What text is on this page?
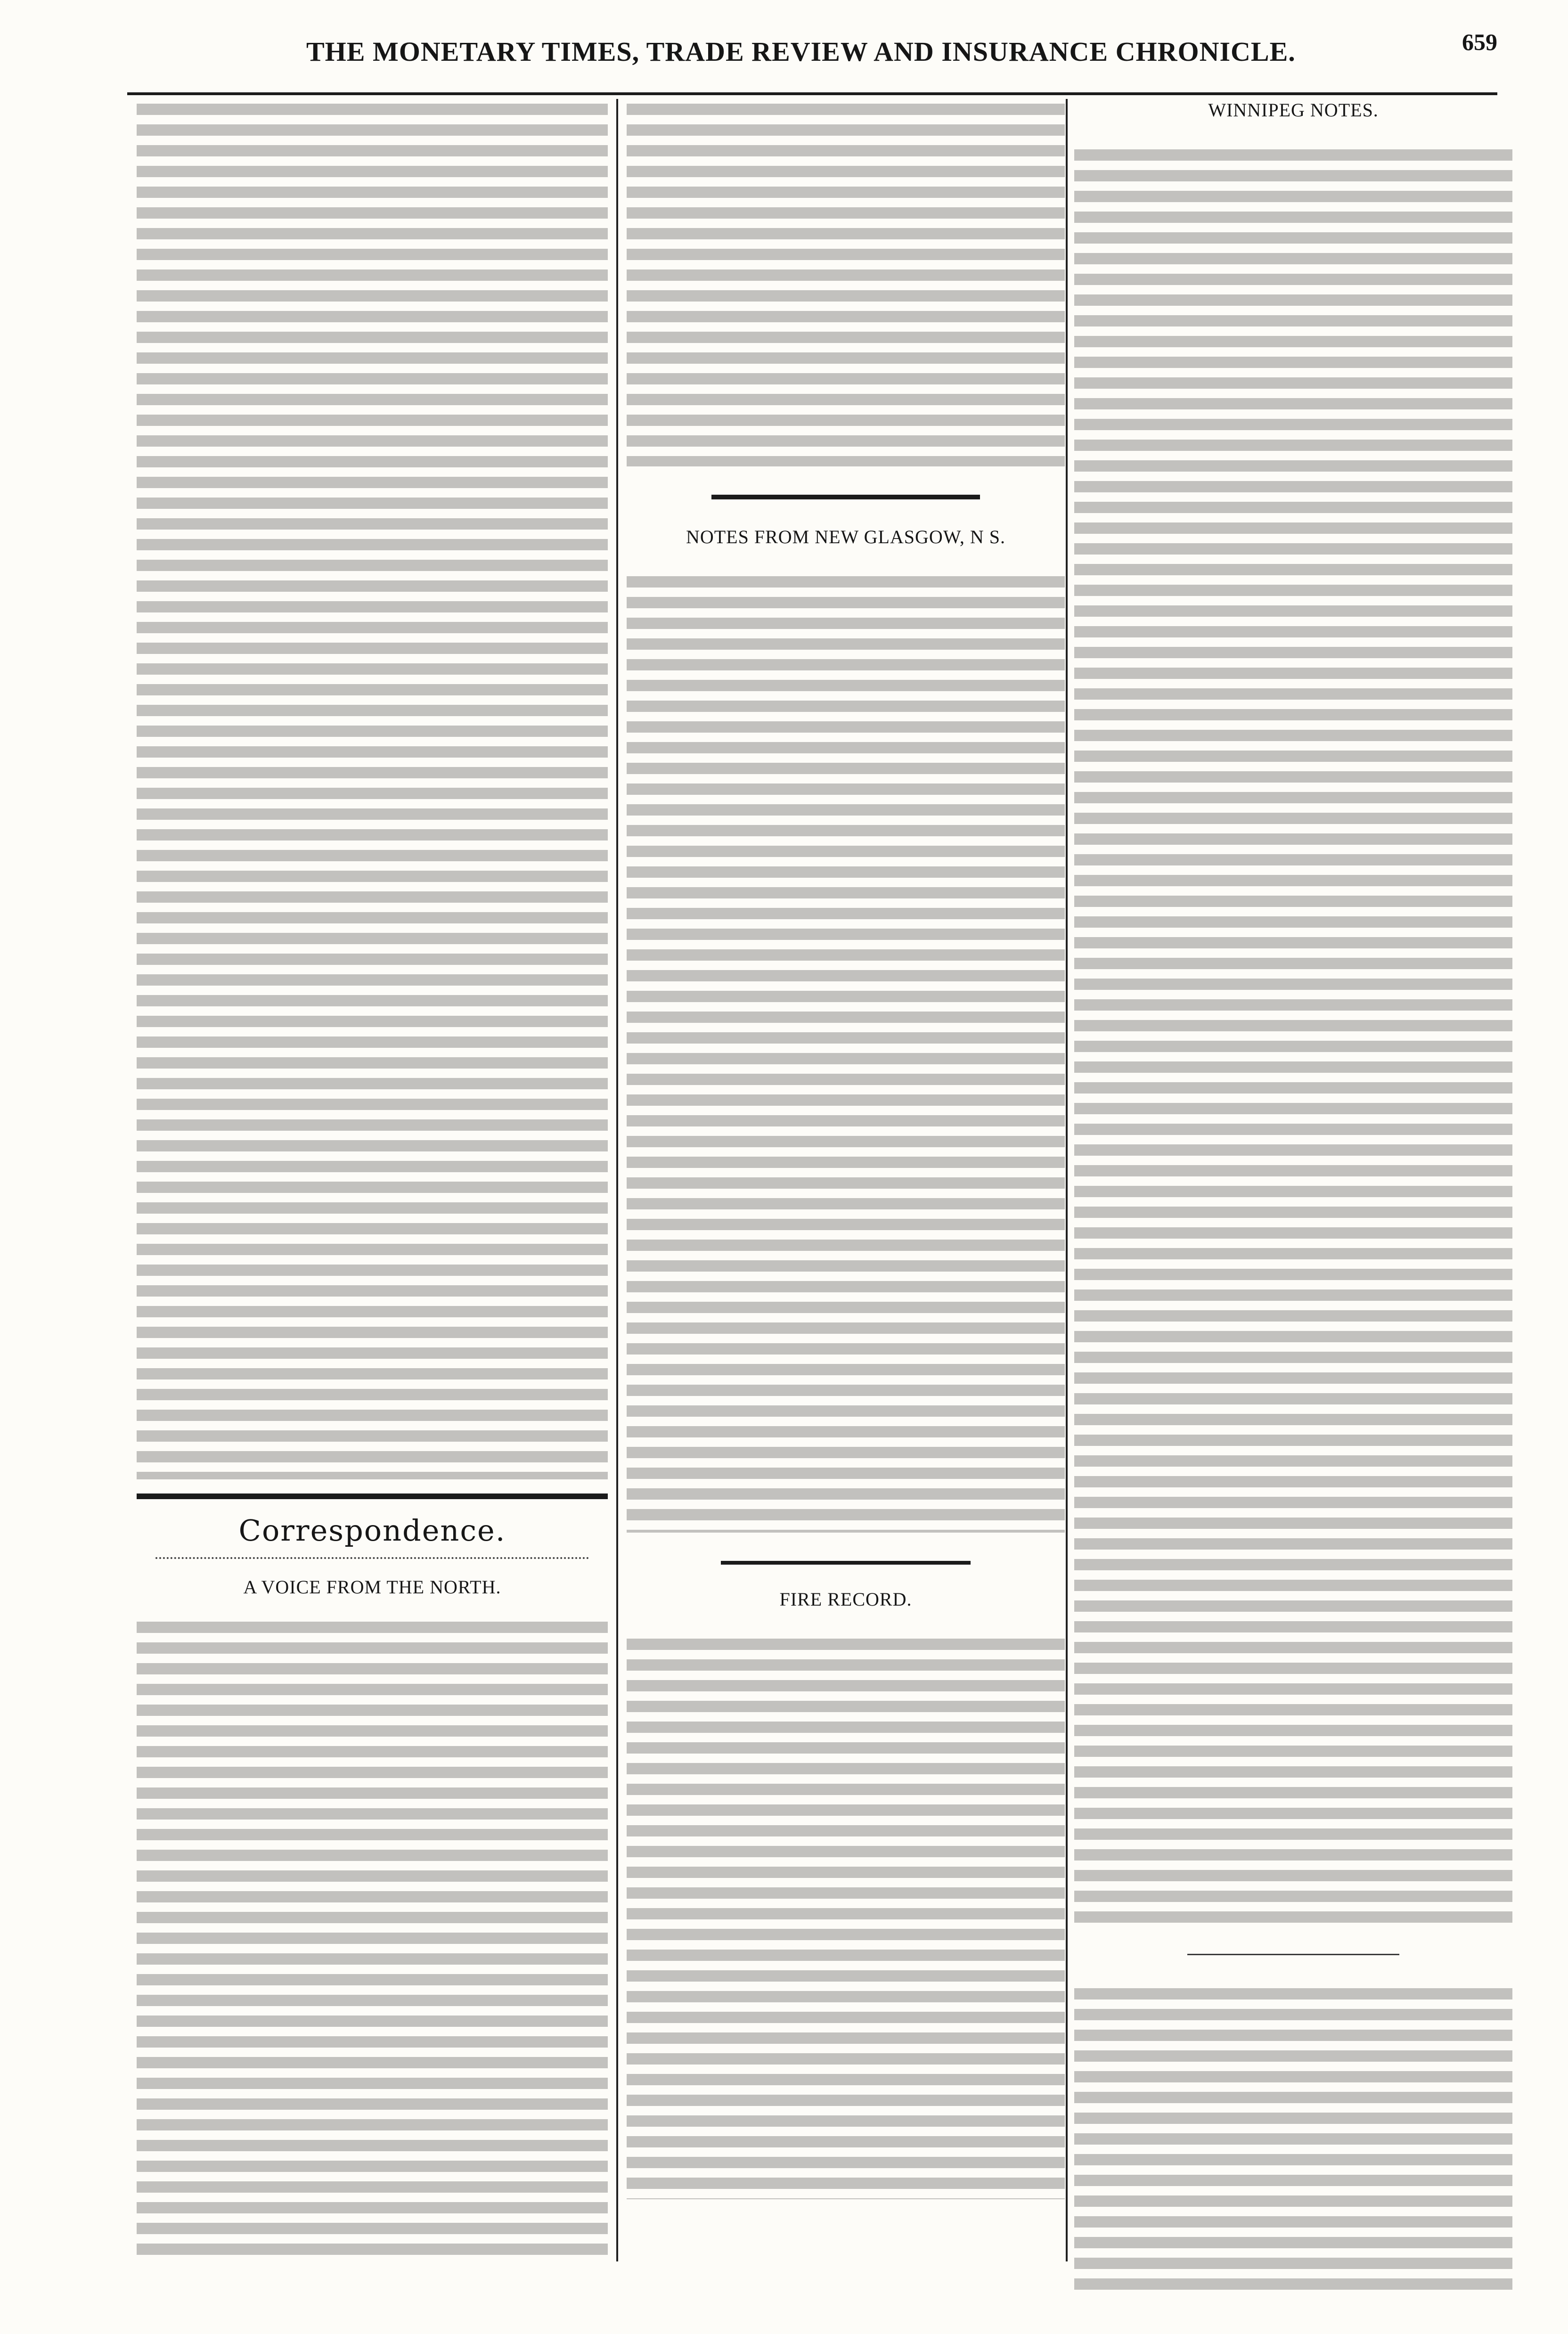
THE MONETARY TIMES, TRADE REVIEW AND INSURANCE CHRONICLE.	659
Correspondence.
A VOICE FROM THE NORTH.
NOTES FROM NEW GLASGOW, N S.
FIRE RECORD.
WINNIPEG NOTES.
